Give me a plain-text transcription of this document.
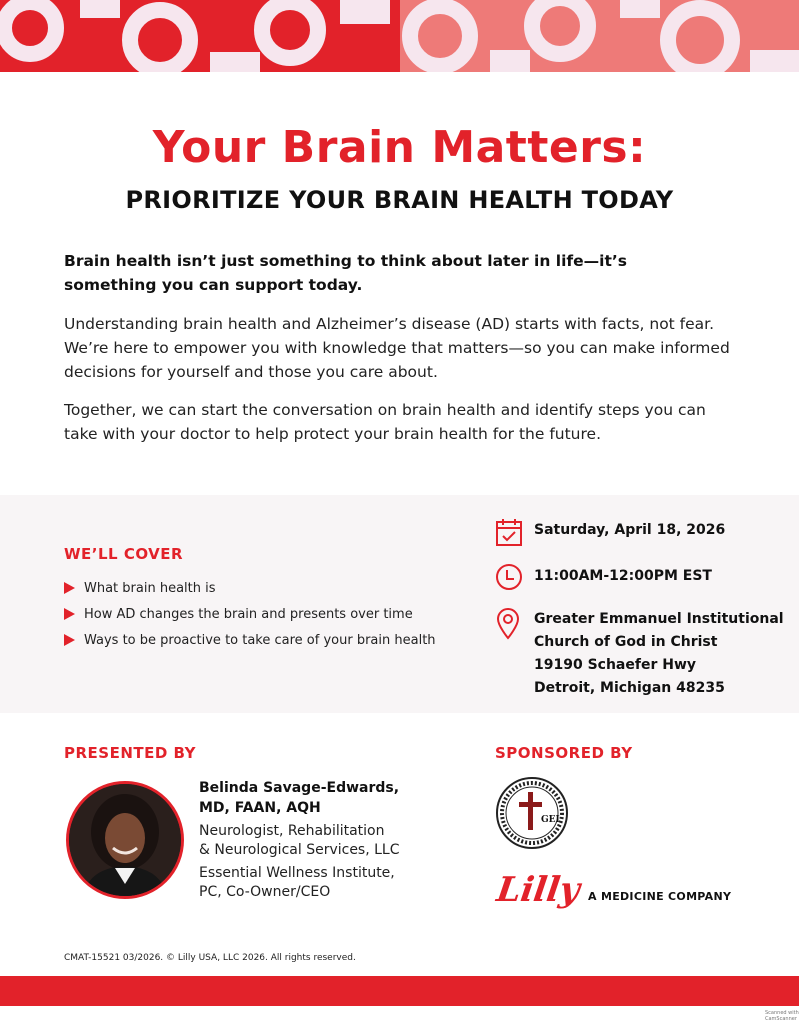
Your Brain Matters:
PRIORITIZE YOUR BRAIN HEALTH TODAY

Brain health isn’t just something to think about later in life—it’s something you can support today.

Understanding brain health and Alzheimer’s disease (AD) starts with facts, not fear. We’re here to empower you with knowledge that matters—so you can make informed decisions for yourself and those you care about.

Together, we can start the conversation on brain health and identify steps you can take with your doctor to help protect your brain health for the future.

WE’LL COVER
What brain health is
How AD changes the brain and presents over time
Ways to be proactive to take care of your brain health
Saturday, April 18, 2026
11:00AM-12:00PM EST
Greater Emmanuel Institutional
Church of God in Christ
19190 Schaefer Hwy
Detroit, Michigan 48235
PRESENTED BY
Belinda Savage-Edwards,
MD, FAAN, AQH
Neurologist, Rehabilitation
& Neurological Services, LLC
Essential Wellness Institute,
PC, Co-Owner/CEO
SPONSORED BY
GEI
Lilly A MEDICINE COMPANY
CMAT-15521 03/2026. © Lilly USA, LLC 2026. All rights reserved.
Scanned with CamScanner
